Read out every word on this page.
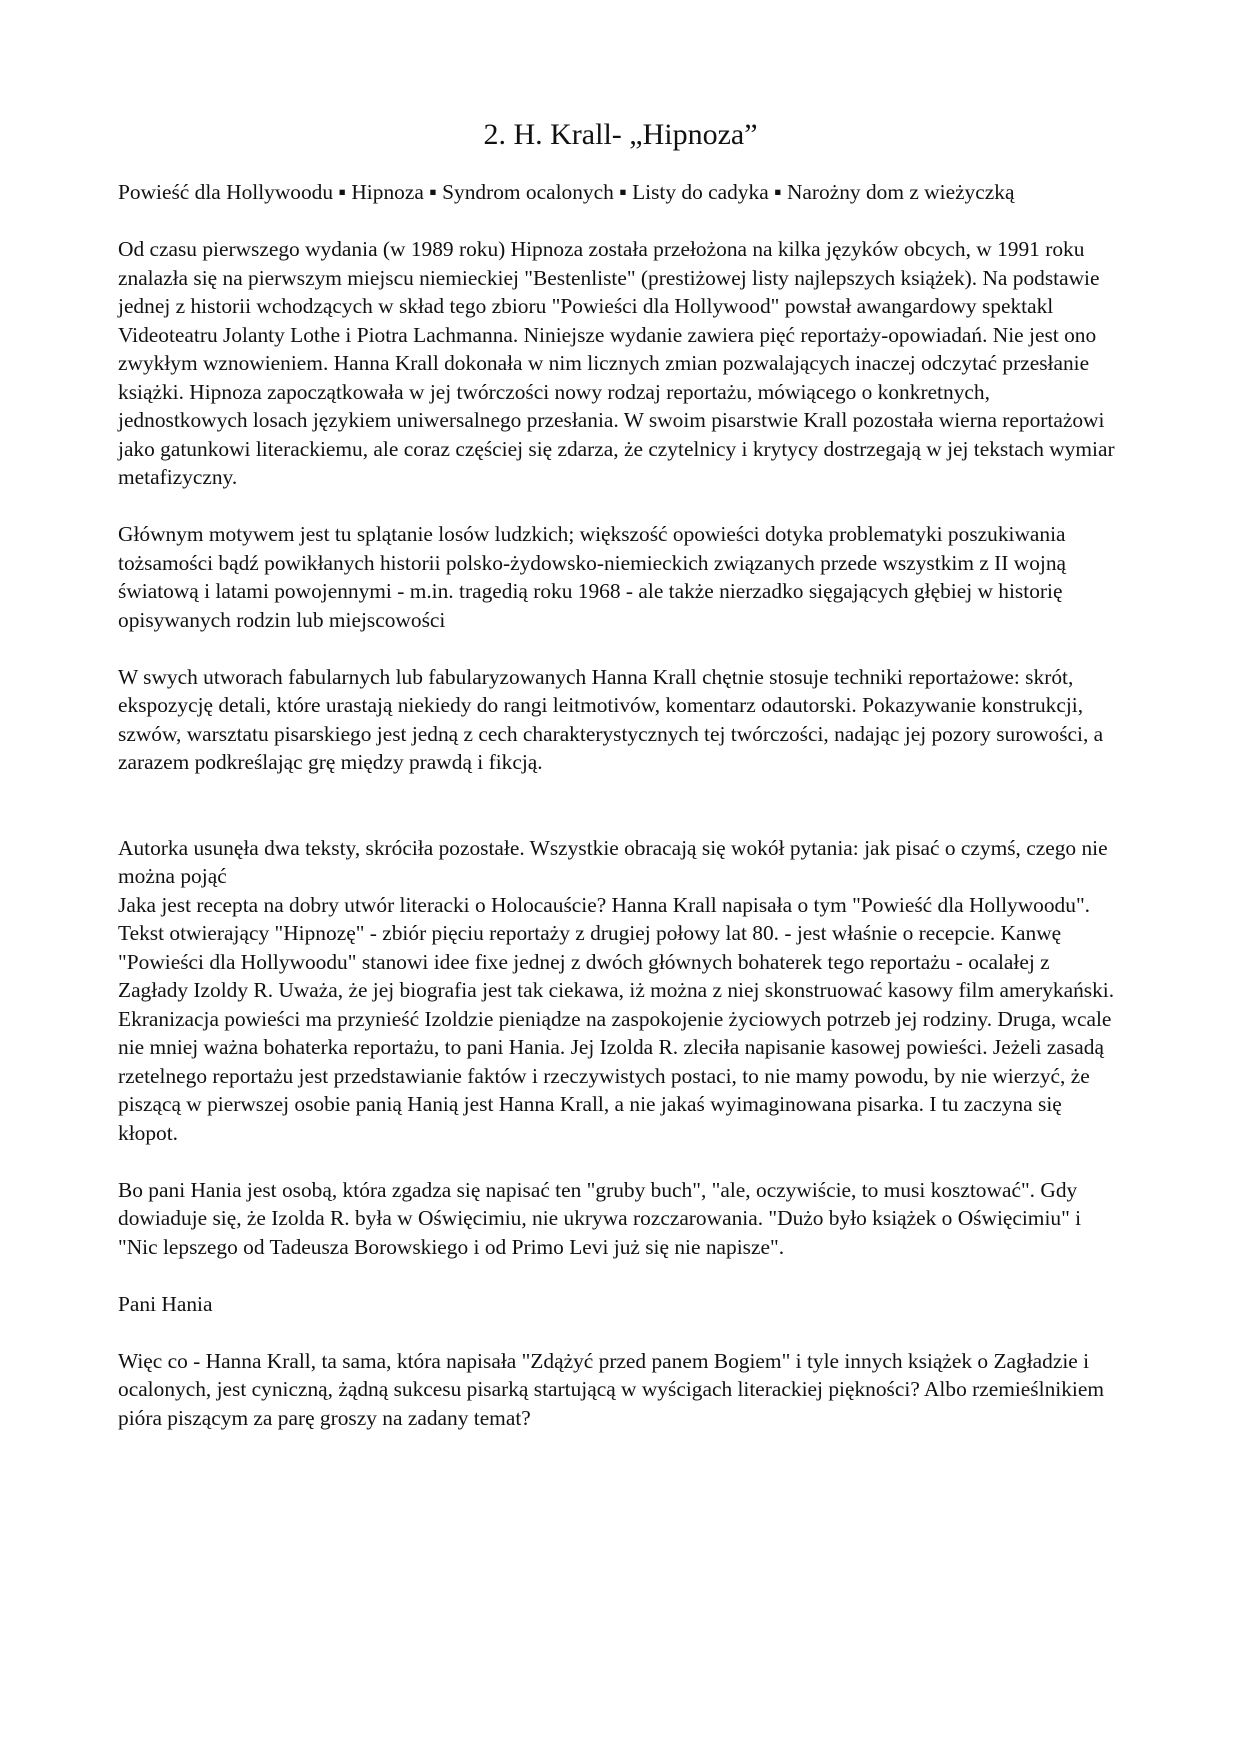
2. H. Krall- „Hipnoza”

Powieść dla Hollywoodu ▪ Hipnoza ▪ Syndrom ocalonych ▪ Listy do cadyka ▪ Narożny dom z wieżyczką

Od czasu pierwszego wydania (w 1989 roku) Hipnoza została przełożona na kilka języków obcych, w 1991 roku znalazła się na pierwszym miejscu niemieckiej "Bestenliste" (prestiżowej listy najlepszych książek). Na podstawie jednej z historii wchodzących w skład tego zbioru "Powieści dla Hollywood" powstał awangardowy spektakl Videoteatru Jolanty Lothe i Piotra Lachmanna. Niniejsze wydanie zawiera pięć reportaży-opowiadań. Nie jest ono zwykłym wznowieniem. Hanna Krall dokonała w nim licznych zmian pozwalających inaczej odczytać przesłanie książki. Hipnoza zapoczątkowała w jej twórczości nowy rodzaj reportażu, mówiącego o konkretnych, jednostkowych losach językiem uniwersalnego przesłania. W swoim pisarstwie Krall pozostała wierna reportażowi jako gatunkowi literackiemu, ale coraz częściej się zdarza, że czytelnicy i krytycy dostrzegają w jej tekstach wymiar metafizyczny.

Głównym motywem jest tu splątanie losów ludzkich; większość opowieści dotyka problematyki poszukiwania tożsamości bądź powikłanych historii polsko-żydowsko-niemieckich związanych przede wszystkim z II wojną światową i latami powojennymi - m.in. tragedią roku 1968 - ale także nierzadko sięgających głębiej w historię opisywanych rodzin lub miejscowości

W swych utworach fabularnych lub fabularyzowanych Hanna Krall chętnie stosuje techniki reportażowe: skrót, ekspozycję detali, które urastają niekiedy do rangi leitmotivów, komentarz odautorski. Pokazywanie konstrukcji, szwów, warsztatu pisarskiego jest jedną z cech charakterystycznych tej twórczości, nadając jej pozory surowości, a zarazem podkreślając grę między prawdą i fikcją.

Autorka usunęła dwa teksty, skróciła pozostałe. Wszystkie obracają się wokół pytania: jak pisać o czymś, czego nie można pojąć

Jaka jest recepta na dobry utwór literacki o Holocauście? Hanna Krall napisała o tym "Powieść dla Hollywoodu". Tekst otwierający "Hipnozę" - zbiór pięciu reportaży z drugiej połowy lat 80. - jest właśnie o recepcie. Kanwę "Powieści dla Hollywoodu" stanowi idee fixe jednej z dwóch głównych bohaterek tego reportażu - ocalałej z Zagłady Izoldy R. Uważa, że jej biografia jest tak ciekawa, iż można z niej skonstruować kasowy film amerykański. Ekranizacja powieści ma przynieść Izoldzie pieniądze na zaspokojenie życiowych potrzeb jej rodziny. Druga, wcale nie mniej ważna bohaterka reportażu, to pani Hania. Jej Izolda R. zleciła napisanie kasowej powieści. Jeżeli zasadą rzetelnego reportażu jest przedstawianie faktów i rzeczywistych postaci, to nie mamy powodu, by nie wierzyć, że piszącą w pierwszej osobie panią Hanią jest Hanna Krall, a nie jakaś wyimaginowana pisarka. I tu zaczyna się kłopot.

Bo pani Hania jest osobą, która zgadza się napisać ten "gruby buch", "ale, oczywiście, to musi kosztować". Gdy dowiaduje się, że Izolda R. była w Oświęcimiu, nie ukrywa rozczarowania. "Dużo było książek o Oświęcimiu" i "Nic lepszego od Tadeusza Borowskiego i od Primo Levi już się nie napisze".

Pani Hania

Więc co - Hanna Krall, ta sama, która napisała "Zdążyć przed panem Bogiem" i tyle innych książek o Zagładzie i ocalonych, jest cyniczną, żądną sukcesu pisarką startującą w wyścigach literackiej piękności? Albo rzemieślnikiem pióra piszącym za parę groszy na zadany temat?
